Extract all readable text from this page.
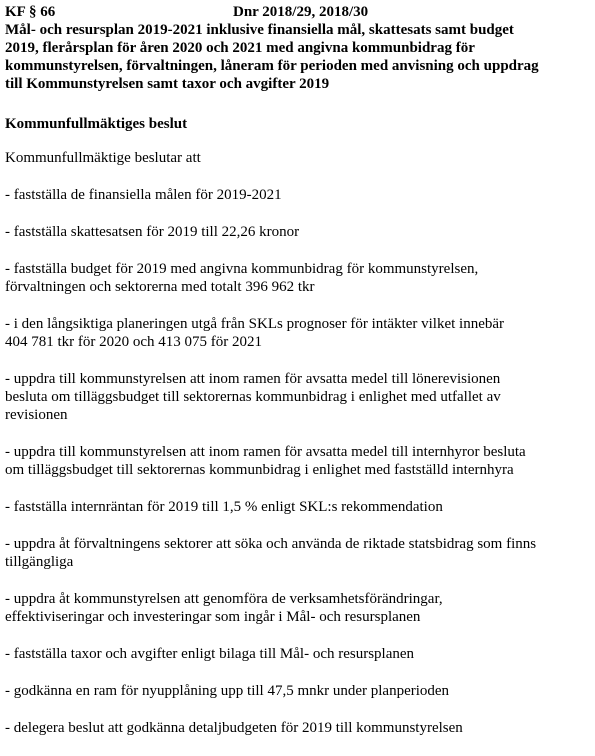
KF § 66	Dnr 2018/29, 2018/30
Mål- och resursplan 2019-2021 inklusive finansiella mål, skattesats samt budget
2019, flerårsplan för åren 2020 och 2021 med angivna kommunbidrag för
kommunstyrelsen, förvaltningen, låneram för perioden med anvisning och uppdrag
till Kommunstyrelsen samt taxor och avgifter 2019
Kommunfullmäktiges beslut
Kommunfullmäktige beslutar att
- fastställa de finansiella målen för 2019-2021
- fastställa skattesatsen för 2019 till 22,26 kronor
- fastställa budget för 2019 med angivna kommunbidrag för kommunstyrelsen,
förvaltningen och sektorerna med totalt 396 962 tkr
- i den långsiktiga planeringen utgå från SKLs prognoser för intäkter vilket innebär
404 781 tkr för 2020 och 413 075 för 2021
- uppdra till kommunstyrelsen att inom ramen för avsatta medel till lönerevisionen
besluta om tilläggsbudget till sektorernas kommunbidrag i enlighet med utfallet av
revisionen
- uppdra till kommunstyrelsen att inom ramen för avsatta medel till internhyror besluta
om tilläggsbudget till sektorernas kommunbidrag i enlighet med fastställd internhyra
- fastställa internräntan för 2019 till 1,5 % enligt SKL:s rekommendation
- uppdra åt förvaltningens sektorer att söka och använda de riktade statsbidrag som finns
tillgängliga
- uppdra åt kommunstyrelsen att genomföra de verksamhetsförändringar,
effektiviseringar och investeringar som ingår i Mål- och resursplanen
- fastställa taxor och avgifter enligt bilaga till Mål- och resursplanen
- godkänna en ram för nyupplåning upp till 47,5 mnkr under planperioden
- delegera beslut att godkänna detaljbudgeten för 2019 till kommunstyrelsen
